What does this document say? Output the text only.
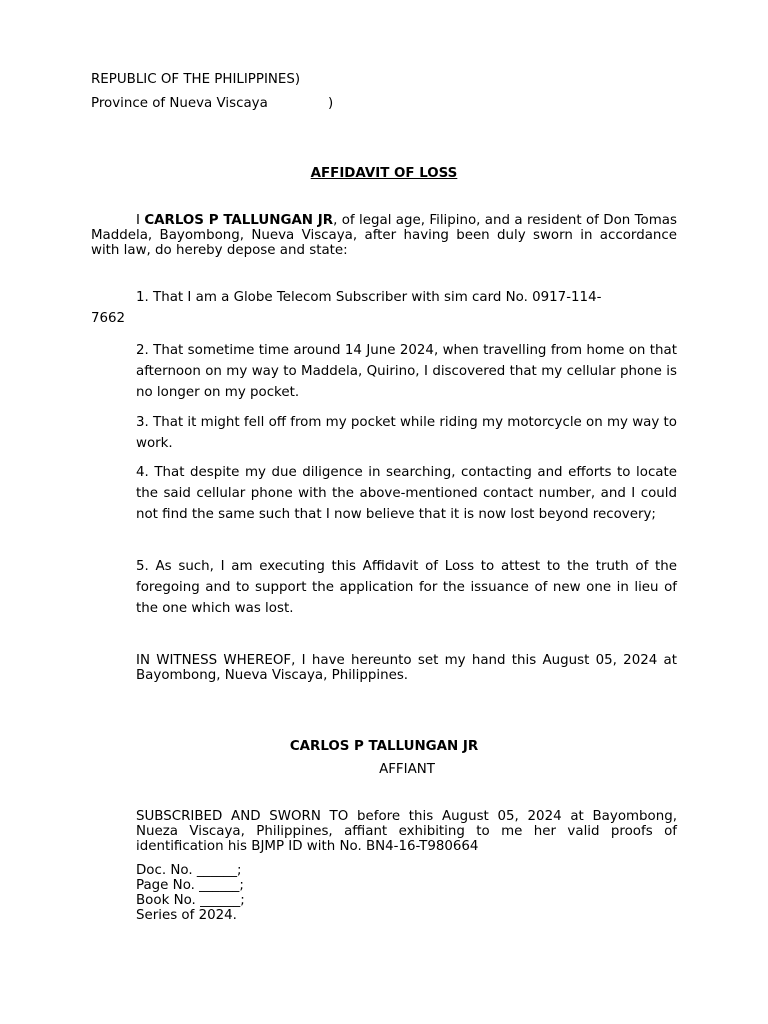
REPUBLIC OF THE PHILIPPINES)
Province of Nueva Viscaya	)
AFFIDAVIT OF LOSS
I CARLOS P TALLUNGAN JR, of legal age, Filipino, and a resident of Don Tomas Maddela, Bayombong, Nueva Viscaya, after having been duly sworn in accordance with law, do hereby depose and state:
1. That I am a Globe Telecom Subscriber with sim card No. 0917-114-
7662
2. That sometime time around 14 June 2024, when travelling from home on that afternoon on my way to Maddela, Quirino, I discovered that my cellular phone is no longer on my pocket.
3. That it might fell off from my pocket while riding my motorcycle on my way to work.
4. That despite my due diligence in searching, contacting and efforts to locate the said cellular phone with the above-mentioned contact number, and I could not find the same such that I now believe that it is now lost beyond recovery;
5. As such, I am executing this Affidavit of Loss to attest to the truth of the foregoing and to support the application for the issuance of new one in lieu of the one which was lost.
IN WITNESS WHEREOF, I have hereunto set my hand this August 05, 2024 at Bayombong, Nueva Viscaya, Philippines.
CARLOS P TALLUNGAN JR
AFFIANT
SUBSCRIBED AND SWORN TO before this August 05, 2024 at Bayombong, Nueza Viscaya, Philippines, affiant exhibiting to me her valid proofs of identification his BJMP ID with No. BN4-16-T980664
Doc. No. ______;
Page No. ______;
Book No. ______;
Series of 2024.
